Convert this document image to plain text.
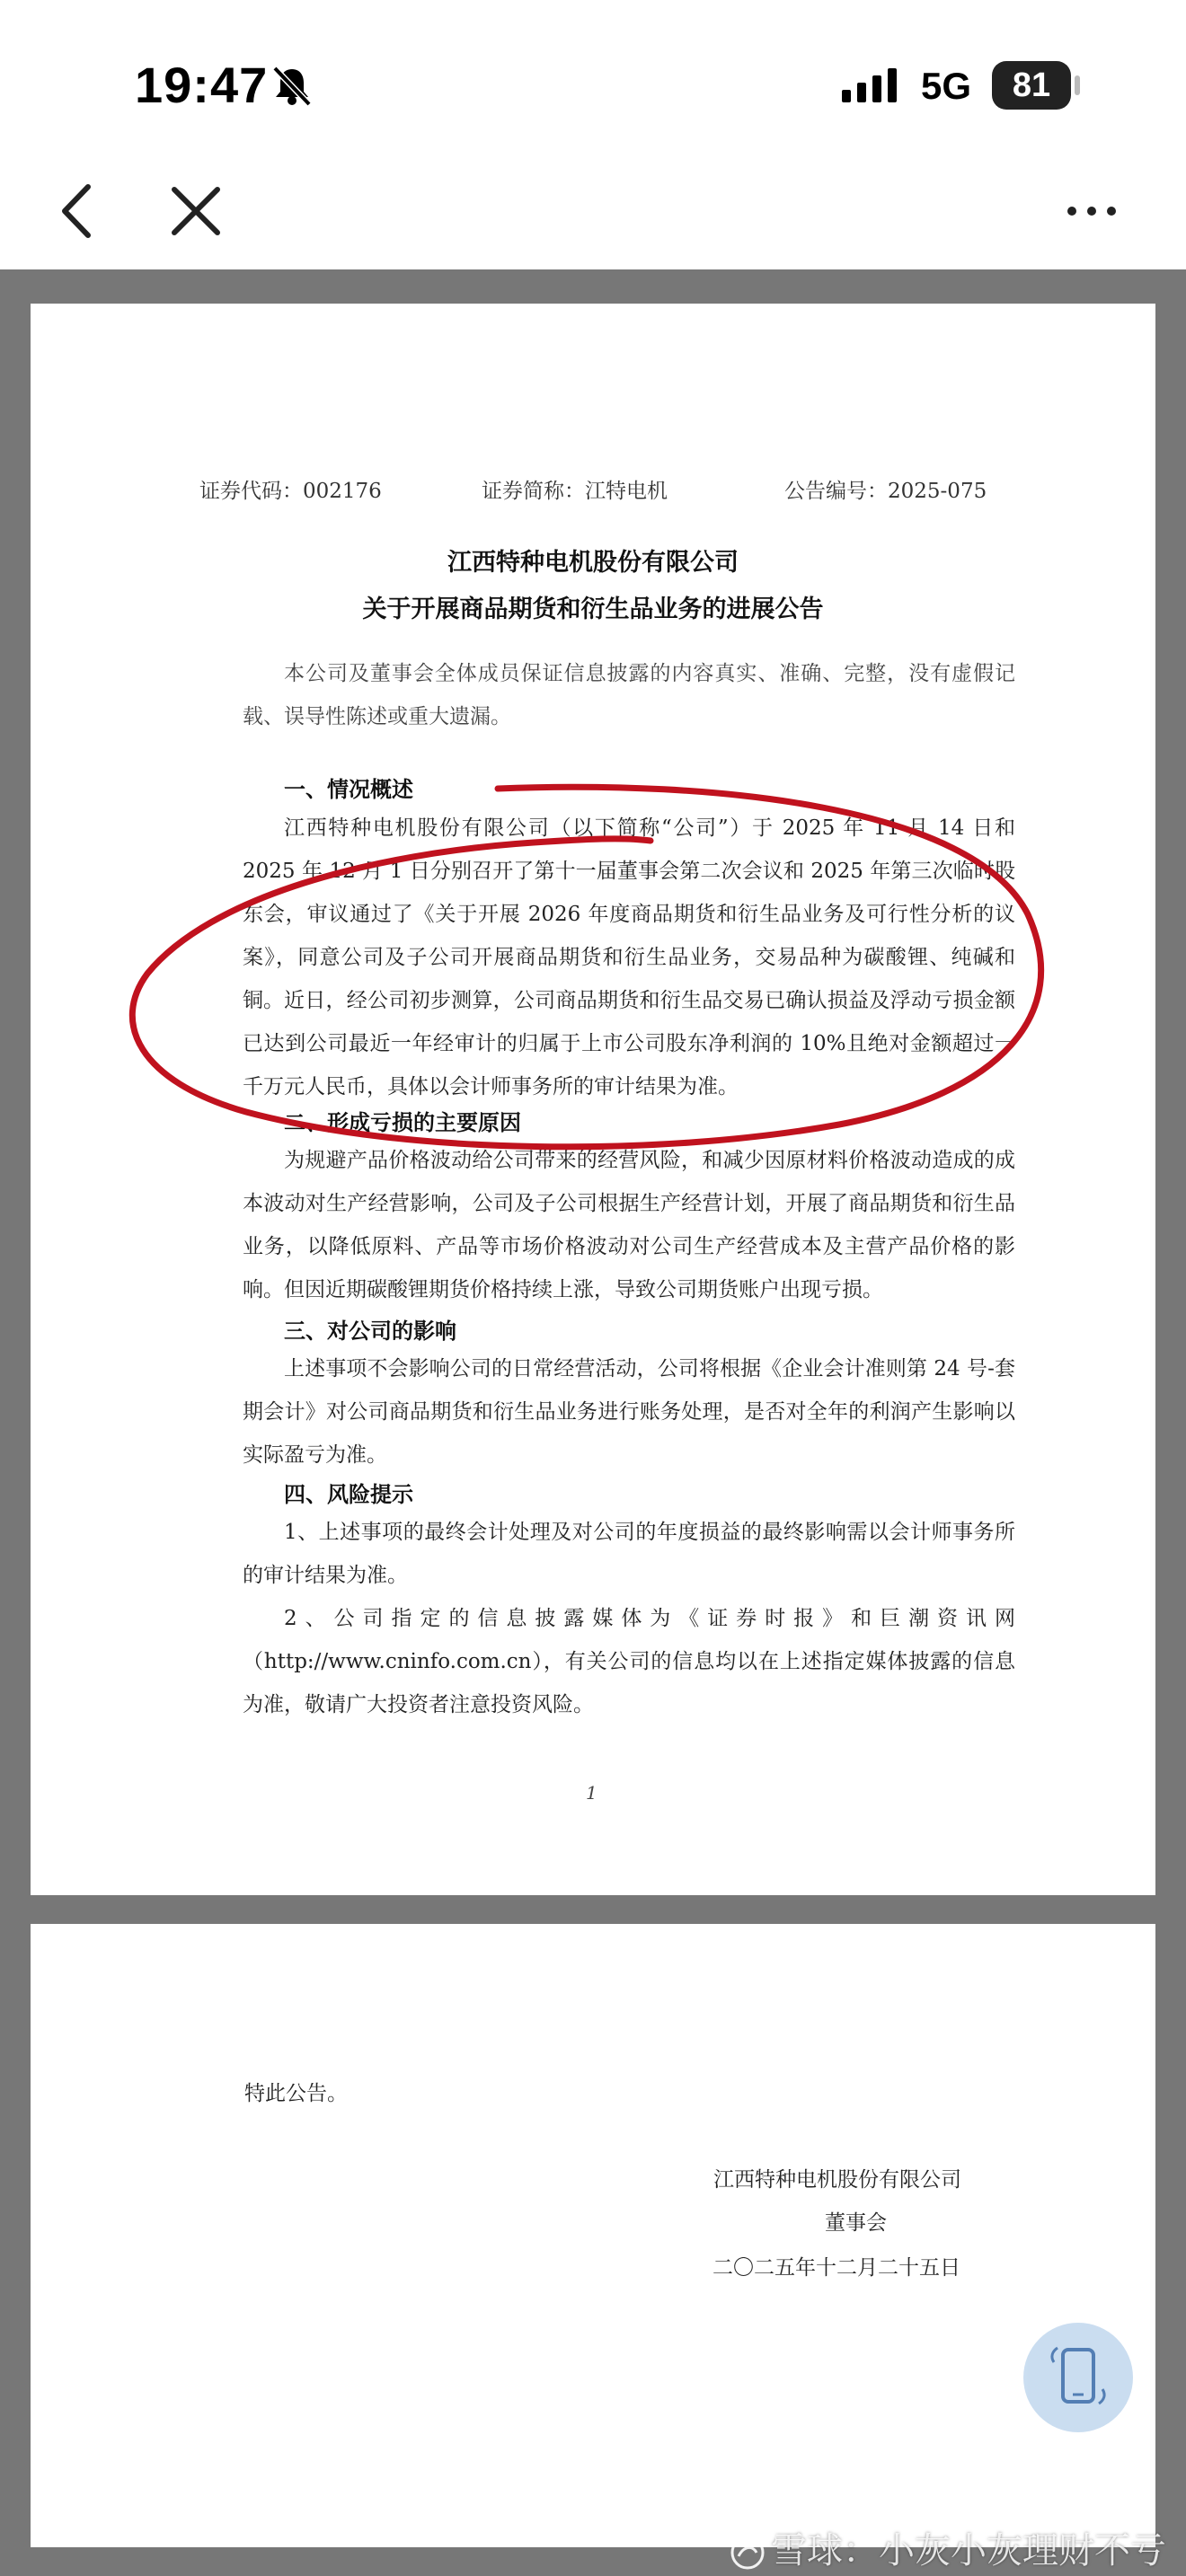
19:47	5G	81
证券代码：002176	证券简称：江特电机	公告编号：2025-075
江西特种电机股份有限公司
关于开展商品期货和衍生品业务的进展公告
本公司及董事会全体成员保证信息披露的内容真实、准确、完整，没有虚假记载、误导性陈述或重大遗漏。
一、情况概述
江西特种电机股份有限公司（以下简称“公司”）于 2025 年 11 月 14 日和 2025 年 12 月 1 日分别召开了第十一届董事会第二次会议和 2025 年第三次临时股东会，审议通过了《关于开展 2026 年度商品期货和衍生品业务及可行性分析的议案》，同意公司及子公司开展商品期货和衍生品业务，交易品种为碳酸锂、纯碱和铜。 近日，经公司初步测算，公司商品期货和衍生品交易已确认损益及浮动亏损金额已达到公司最近一年经审计的归属于上市公司股东净利润的 10%且绝对金额超过一千万元人民币，具体以会计师事务所的审计结果为准。
二、形成亏损的主要原因
为规避产品价格波动给公司带来的经营风险，和减少因原材料价格波动造成的成本波动对生产经营影响，公司及子公司根据生产经营计划，开展了商品期货和衍生品业务，以降低原料、产品等市场价格波动对公司生产经营成本及主营产品价格的影响。但因近期碳酸锂期货价格持续上涨，导致公司期货账户出现亏损。
三、对公司的影响
上述事项不会影响公司的日常经营活动，公司将根据《企业会计准则第 24 号-套期会计》对公司商品期货和衍生品业务进行账务处理，是否对全年的利润产生影响以实际盈亏为准。
四、风险提示
1、上述事项的最终会计处理及对公司的年度损益的最终影响需以会计师事务所的审计结果为准。
2、公司指定的信息披露媒体为《证券时报》和巨潮资讯网（http://www.cninfo.com.cn），有关公司的信息均以在上述指定媒体披露的信息为准，敬请广大投资者注意投资风险。
1
特此公告。
江西特种电机股份有限公司
董事会
二〇二五年十二月二十五日
雪球：小灰小灰理财不亏
